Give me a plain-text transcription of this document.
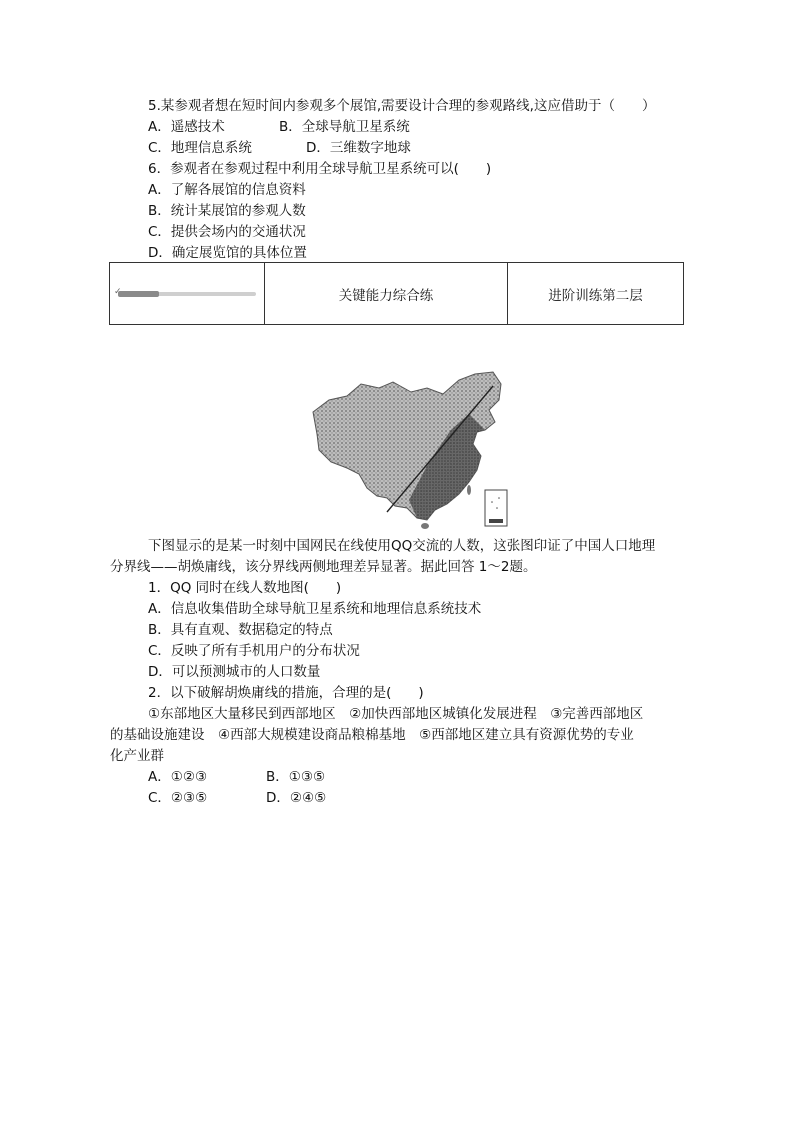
5.某参观者想在短时间内参观多个展馆,需要设计合理的参观路线,这应借助于（　　）
A．遥感技术	B．全球导航卫星系统
C．地理信息系统	D．三维数字地球
6．参观者在参观过程中利用全球导航卫星系统可以(　　)
A．了解各展馆的信息资料
B．统计某展馆的参观人数
C．提供会场内的交通状况
D．确定展览馆的具体位置
✓	关键能力综合练	进阶训练第二层
下图显示的是某一时刻中国网民在线使用QQ交流的人数，这张图印证了中国人口地理
分界线——胡焕庸线，该分界线两侧地理差异显著。据此回答 1～2题。
1．QQ 同时在线人数地图(　　)
A．信息收集借助全球导航卫星系统和地理信息系统技术
B．具有直观、数据稳定的特点
C．反映了所有手机用户的分布状况
D．可以预测城市的人口数量
2．以下破解胡焕庸线的措施，合理的是(　　)
①东部地区大量移民到西部地区　②加快西部地区城镇化发展进程　③完善西部地区
的基础设施建设　④西部大规模建设商品粮棉基地　⑤西部地区建立具有资源优势的专业
化产业群
A．①②③	B．①③⑤
C．②③⑤	D．②④⑤
